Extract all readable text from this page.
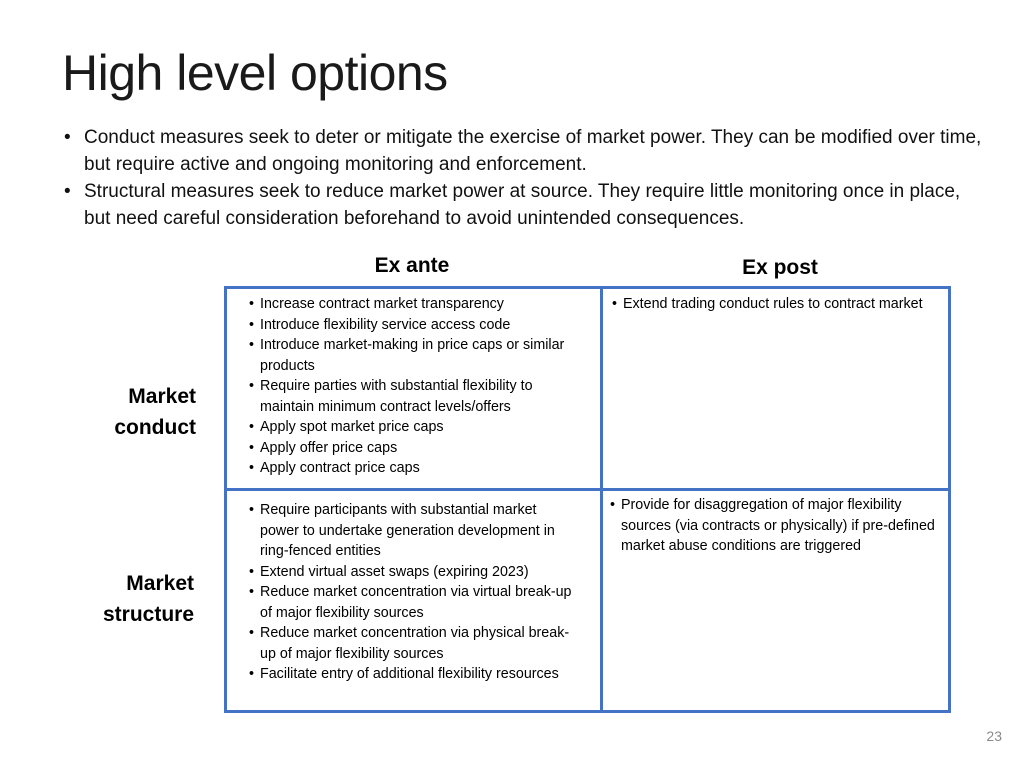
High level options
• Conduct measures seek to deter or mitigate the exercise of market power. They can be modified over time, but require active and ongoing monitoring and enforcement.
• Structural measures seek to reduce market power at source. They require little monitoring once in place, but need careful consideration beforehand to avoid unintended consequences.
Ex ante	Ex post
Market
conduct
Market
structure
• Increase contract market transparency
• Introduce flexibility service access code
• Introduce market-making in price caps or similar products
• Require parties with substantial flexibility to maintain minimum contract levels/offers
• Apply spot market price caps
• Apply offer price caps
• Apply contract price caps
• Extend trading conduct rules to contract market
• Require participants with substantial market power to undertake generation development in ring-fenced entities
• Extend virtual asset swaps (expiring 2023)
• Reduce market concentration via virtual break-up of major flexibility sources
• Reduce market concentration via physical break-up of major flexibility sources
• Facilitate entry of additional flexibility resources
• Provide for disaggregation of major flexibility sources (via contracts or physically) if pre-defined market abuse conditions are triggered
23
